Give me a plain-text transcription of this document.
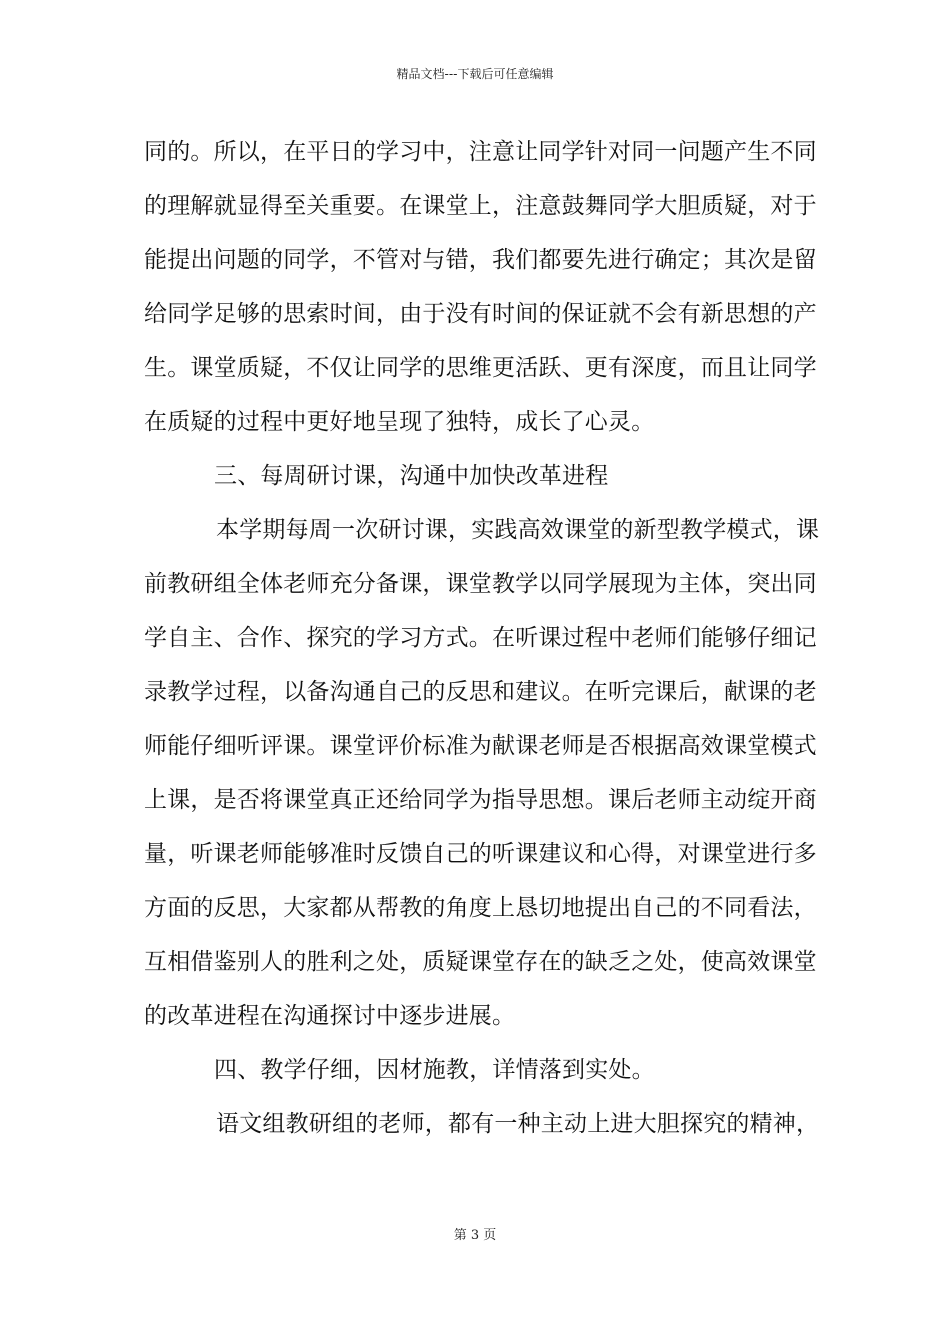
精品文档---下载后可任意编辑
同的。所以，在平日的学习中，注意让同学针对同一问题产生不同
的理解就显得至关重要。在课堂上，注意鼓舞同学大胆质疑，对于
能提出问题的同学，不管对与错，我们都要先进行确定；其次是留
给同学足够的思索时间，由于没有时间的保证就不会有新思想的产
生。课堂质疑，不仅让同学的思维更活跃、更有深度，而且让同学
在质疑的过程中更好地呈现了独特，成长了心灵。
三、每周研讨课，沟通中加快改革进程
本学期每周一次研讨课，实践高效课堂的新型教学模式，课
前教研组全体老师充分备课，课堂教学以同学展现为主体，突出同
学自主、合作、探究的学习方式。在听课过程中老师们能够仔细记
录教学过程，以备沟通自己的反思和建议。在听完课后，献课的老
师能仔细听评课。课堂评价标准为献课老师是否根据高效课堂模式
上课，是否将课堂真正还给同学为指导思想。课后老师主动绽开商
量，听课老师能够准时反馈自己的听课建议和心得，对课堂进行多
方面的反思，大家都从帮教的角度上恳切地提出自己的不同看法，
互相借鉴别人的胜利之处，质疑课堂存在的缺乏之处，使高效课堂
的改革进程在沟通探讨中逐步进展。
四、教学仔细，因材施教，详情落到实处。
语文组教研组的老师，都有一种主动上进大胆探究的精神，
第 3 页
